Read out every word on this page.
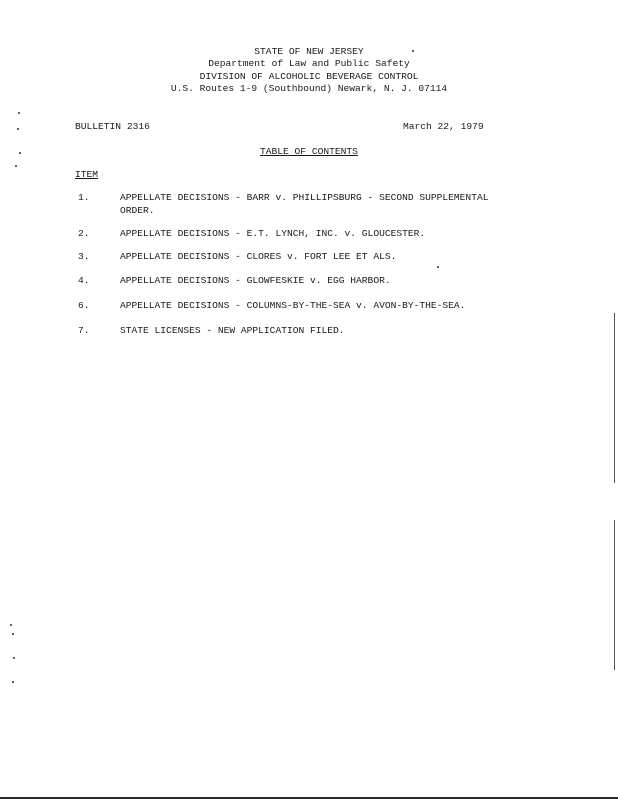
STATE OF NEW JERSEY
Department of Law and Public Safety
DIVISION OF ALCOHOLIC BEVERAGE CONTROL
U.S. Routes 1-9 (Southbound) Newark, N. J. 07114
BULLETIN 2316	March 22, 1979
TABLE OF CONTENTS
ITEM
1.	APPELLATE DECISIONS - BARR v. PHILLIPSBURG - SECOND SUPPLEMENTAL ORDER.
2.	APPELLATE DECISIONS - E.T. LYNCH, INC. v. GLOUCESTER.
3.	APPELLATE DECISIONS - CLORES v. FORT LEE ET ALS.
4.	APPELLATE DECISIONS - GLOWFESKIE v. EGG HARBOR.
6.	APPELLATE DECISIONS - COLUMNS-BY-THE-SEA v. AVON-BY-THE-SEA.
7.	STATE LICENSES - NEW APPLICATION FILED.
